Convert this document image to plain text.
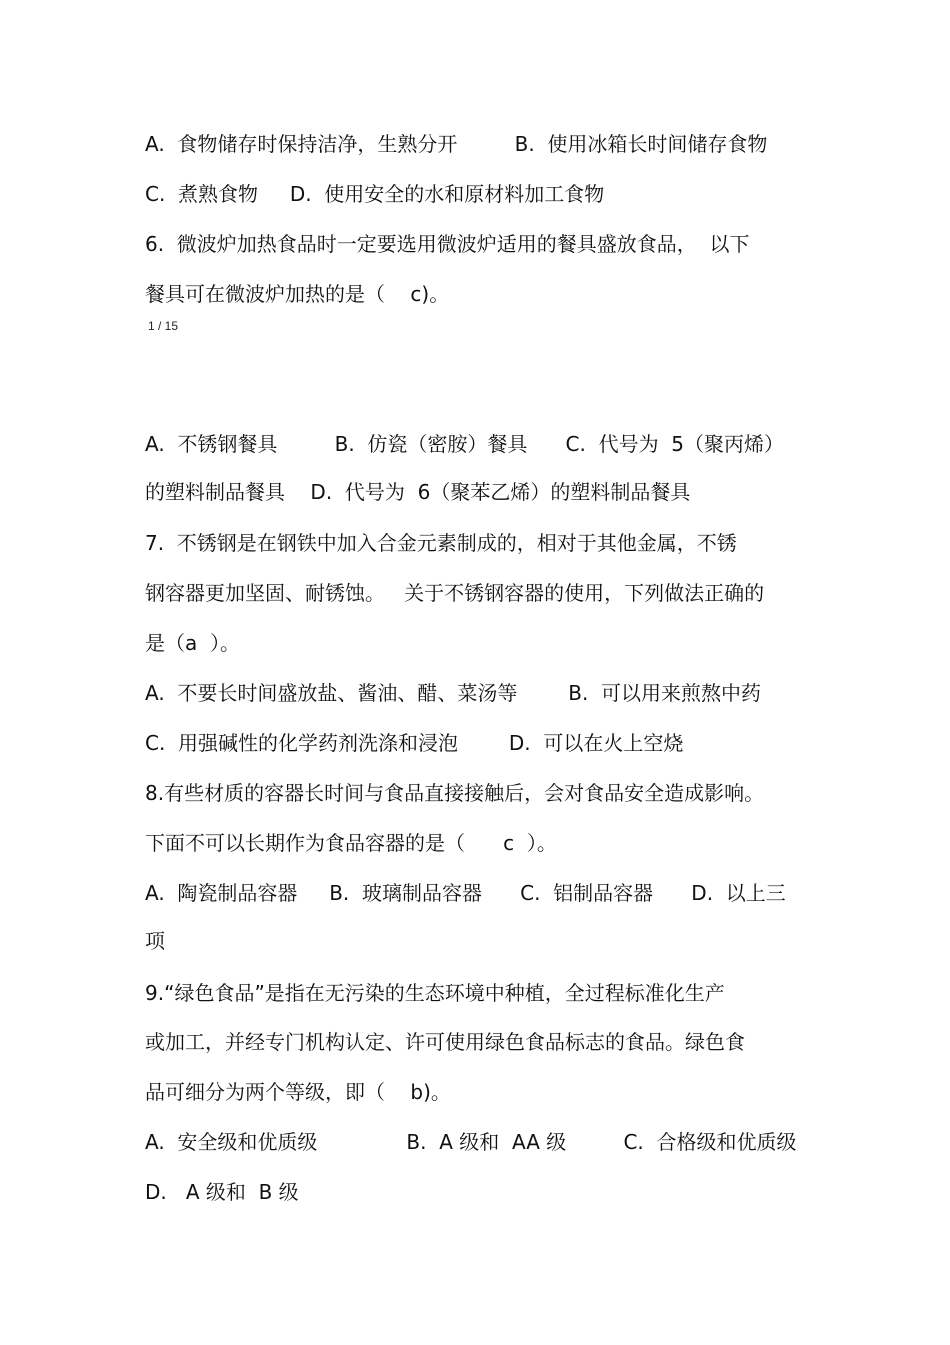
A.  食物储存时保持洁净，生熟分开         B.  使用冰箱长时间储存食物
C.  煮熟食物     D.  使用安全的水和原材料加工食物
6.  微波炉加热食品时一定要选用微波炉适用的餐具盛放食品，  以下
餐具可在微波炉加热的是（    c)。
1 / 15
A.  不锈钢餐具         B.  仿瓷（密胺）餐具      C.  代号为  5（聚丙烯）
的塑料制品餐具    D.  代号为  6（聚苯乙烯）的塑料制品餐具
7.  不锈钢是在钢铁中加入合金元素制成的，相对于其他金属，不锈
钢容器更加坚固、耐锈蚀。   关于不锈钢容器的使用，下列做法正确的
是（a  ）。
A.  不要长时间盛放盐、酱油、醋、菜汤等        B.  可以用来煎熬中药
C.  用强碱性的化学药剂洗涤和浸泡        D.  可以在火上空烧
8.有些材质的容器长时间与食品直接接触后，会对食品安全造成影响。
下面不可以长期作为食品容器的是（      c  ）。
A.  陶瓷制品容器     B.  玻璃制品容器      C.  铝制品容器      D.  以上三
项
9.“绿色食品”是指在无污染的生态环境中种植，全过程标准化生产
或加工，并经专门机构认定、许可使用绿色食品标志的食品。绿色食
品可细分为两个等级，即（    b)。
A.  安全级和优质级              B.  A 级和  AA 级         C.  合格级和优质级
D.   A 级和  B 级
